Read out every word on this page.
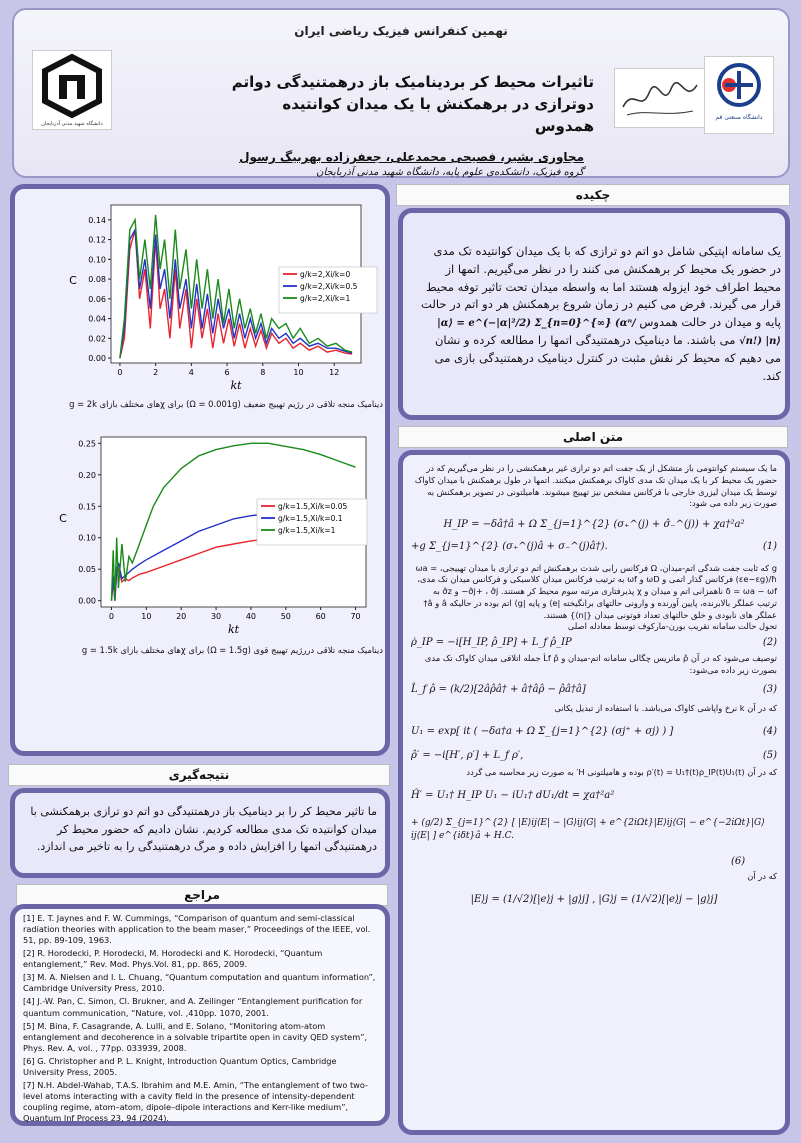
نهمین کنفرانس فیزیک ریاضی ایران
دانشگاه شهید مدنی آذربایجان
تاثیرات محیط کر بردینامیک باز درهمتنیدگی دواتم دوترازی در برهمکنش با یک میدان کوانتیده همدوس	دانشگاه صنعتی قم
مجاوری بشیر، فصیحی محمدعلی، جعفرزاده بهربیگ رسول
گروه فیزیک، دانشکده‌ی علوم پایه، دانشگاه شهید مدنی آذربایجان
0	2	4	6	8	10	12
0.00
0.02
0.04
0.06
0.08
0.10
0.12
0.14
kt
C	g/k=2,Xi/k=0
g/k=2,Xi/k=0.5
g/k=2,Xi/k=1
دینامیک منجه تلاقی در رژیم تهییج ضعیف (Ω = 0.001g) برای χهای مختلف بازای g = 2k
0	10	20	30	40	50	60	70
0.00
0.05
0.10
0.15
0.20
0.25
kt
C
g/k=1.5,Xi/k=0.05
g/k=1.5,Xi/k=0.1
g/k=1.5,Xi/k=1
دینامیک منجه تلاقی دررژیم تهییج قوی (Ω = 1.5g) برای χهای مختلف بازای g = 1.5k
چکیده
یک سامانه اپتیکی شامل دو اتم دو ترازی که با یک میدان کوانتیده تک مدی در حضور یک محیط کر برهمکنش می کنند را در نظر می‌گیریم. اتمها از محیط اطراف خود ایزوله هستند اما به واسطه میدان تحت تاثیر توفه محیط قرار می گیرند. فرض می کنیم در زمان شروع برهمکنش هر دو اتم در حالت پایه و میدان در حالت همدوس |α⟩ = e^(−|α|²/2) Σ_{n=0}^{∞} (αⁿ/√n!) |n⟩ می باشند. ما دینامیک درهمتنیدگی اتمها را مطالعه کرده و نشان می دهیم که محیط کر نقش مثبت در کنترل دینامیک درهمتنیدگی بازی می کند.
متن اصلی
ما یک سیستم کوانتومی باز متشکل از یک جفت اتم دو ترازی غیر برهمکنشی را در نظر می‌گیریم که در حضور یک محیط کر با یک میدان تک مدی کاواک برهمکنش میکنند. اتمها در طول برهمکنش با میدان کاواک توسط یک میدان لیزری خارجی با فرکانس مشخص نیز تهییج میشوند. هامیلتونی در تصویر برهمکنش به صورت زیر داده می شود:
H_IP = −δâ†â + Ω Σ_{j=1}^{2} (σ₊^(j) + σ̂₋^(j)) + χa†²a²
(1)
+g Σ_{j=1}^{2} (σ₊^(j)â + σ₋^(j)â†).
g که ثابت جفت شدگی اتم-میدان، Ω فرکانس رابی شدت برهمکنش اتم دو ترازی با میدان تهییجی، ωa = (εe−εg)/ħ فرکانس گذار اتمی و ωD و ωf به ترتیب فرکانس میدان کلاسیکی و فرکانس میدان تک مدی، δ = ωa − ωf ناهمزانی اتم و میدان و χ پذیرفتاری مرتبه سوم محیط کر هستند. σ̂j+ ، σ̂j− و σ̂z به ترتیب عملگر بالابرنده، پایین آورنده و وارونی حالتهای برانگیخته |e⟩ و پایه |g⟩ اتم بوده در حالیکه â و â† عملگر های نابودی و خلق حالتهای تعداد فوتونی میدان {|n⟩} هستند.
تحول حالت سامانه تقریب بورن-مارکوف توسط معادله اصلی
(2)
ρ̇_IP = −i[H_IP, ρ̂_IP] + L_f ρ̂_IP
توصیف می‌شود که در آن ρ̂ ماتریس چگالی سامانه اتم-میدان و L̂f ρ̂ جمله اتلافی میدان کاواک تک مدی بصورت زیر داده می‌شود:
(3)
L̂_f ρ̂ = (k/2)[2âρ̂â† + â†âρ̂ − ρ̂â†â]
که در آن k نرخ واپاشی کاواک می‌باشد. با استفاده از تبدیل یکانی
(4)
U₁ = exp[ it ( −δa†a + Ω Σ_{j=1}^{2} (σj⁺ + σj) ) ]
(5)
ρ̂′ = −i[H′, ρ′] + L_f ρ′,
که در آن ρ′(t) = U₁†(t)ρ_IP(t)U₁(t) بوده و هامیلتونی H′ به صورت زیر محاسبه می گردد
Ĥ′ = U₁† H_IP U₁ − iU₁† dU₁/dt = χa†²a²
+ (g/2) Σ_{j=1}^{2} [ |E⟩ij⟨E| − |G⟩ij⟨G| + e^{2iΩt}|E⟩ij⟨G| − e^{−2iΩt}|G⟩ij⟨E| ] e^{iδt}â + H.C.
(6)
که در آن
|E⟩j = (1/√2)[|e⟩j + |g⟩j] , |G⟩j = (1/√2)[|e⟩j − |g⟩j]
نتیجه‌گیری
ما تاثیر محیط کر را بر دینامیک باز درهمتنیدگی دو اتم دو ترازی برهمکنشی با میدان کوانتیده تک مدی مطالعه کردیم. نشان دادیم که حضور محیط کر درهمتنیدگی اتمها را افزایش داده و مرگ درهمتنیدگی را به تاخیر می اندازد.
مراجع
[1] E. T. Jaynes and F. W. Cummings, “Comparison of quantum and semi-classical radiation theories with application to the beam maser,” Proceedings of the IEEE, vol. 51, pp. 89-109, 1963.
[2] R. Horodecki, P. Horodecki, M. Horodecki and K. Horodecki, “Quantum entanglement,” Rev. Mod. Phys.Vol. 81, pp. 865, 2009.
[3] M. A. Nielsen and I. L. Chuang, “Quantum computation and quantum information”, Cambridge University Press, 2010.
[4] J.-W. Pan, C. Simon, Cl. Brukner, and A. Zeilinger “Entanglement purification for quantum communication, “Nature, vol. ,410pp. 1070, 2001.
[5] M. Bina, F. Casagrande, A. Lulli, and E. Solano, “Monitoring atom-atom entanglement and decoherence in a solvable tripartite open in cavity QED system”, Phys. Rev. A, vol. , 77pp. 033939, 2008.
[6] G. Christopher and P. L. Knight, Introduction Quantum Optics, Cambridge University Press, 2005.
[7] N.H. Abdel-Wahab, T.A.S. Ibrahim and M.E. Amin, “The entanglement of two two-level atoms interacting with a cavity field in the presence of intensity-dependent coupling regime, atom–atom, dipole–dipole interactions and Kerr-like medium”, Quantum Inf Process 23, 94 (2024).
